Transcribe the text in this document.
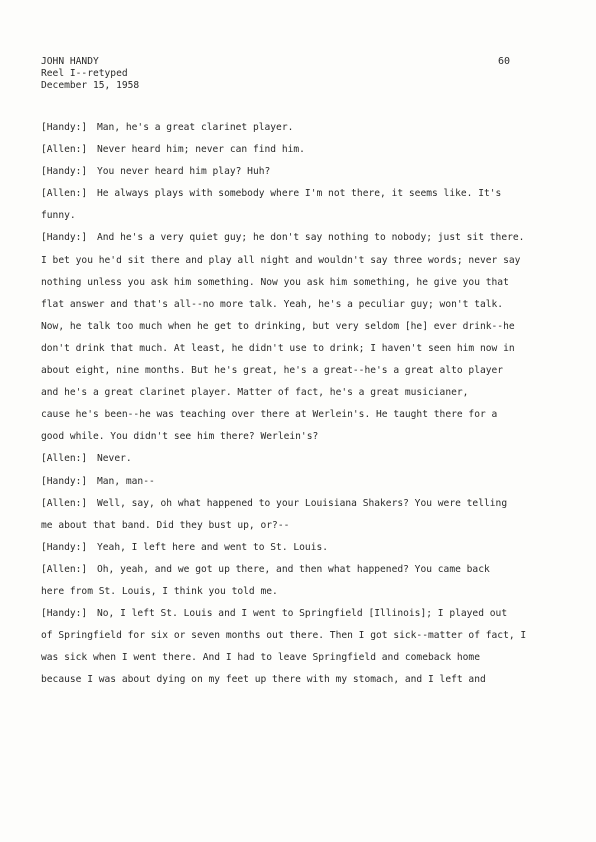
JOHN HANDY
Reel I--retyped
December 15, 1958
60
[Handy:] Man, he's a great clarinet player.
[Allen:] Never heard him; never can find him.
[Handy:] You never heard him play? Huh?
[Allen:] He always plays with somebody where I'm not there, it seems like. It's
funny.
[Handy:] And he's a very quiet guy; he don't say nothing to nobody; just sit there.
I bet you he'd sit there and play all night and wouldn't say three words; never say
nothing unless you ask him something. Now you ask him something, he give you that
flat answer and that's all--no more talk. Yeah, he's a peculiar guy; won't talk.
Now, he talk too much when he get to drinking, but very seldom [he] ever drink--he
don't drink that much. At least, he didn't use to drink; I haven't seen him now in
about eight, nine months. But he's great, he's a great--he's a great alto player
and he's a great clarinet player. Matter of fact, he's a great musicianer,
cause he's been--he was teaching over there at Werlein's. He taught there for a
good while. You didn't see him there? Werlein's?
[Allen:] Never.
[Handy:] Man, man--
[Allen:] Well, say, oh what happened to your Louisiana Shakers? You were telling
me about that band. Did they bust up, or?--
[Handy:] Yeah, I left here and went to St. Louis.
[Allen:] Oh, yeah, and we got up there, and then what happened? You came back
here from St. Louis, I think you told me.
[Handy:] No, I left St. Louis and I went to Springfield [Illinois]; I played out
of Springfield for six or seven months out there. Then I got sick--matter of fact, I
was sick when I went there. And I had to leave Springfield and comeback home
because I was about dying on my feet up there with my stomach, and I left and
